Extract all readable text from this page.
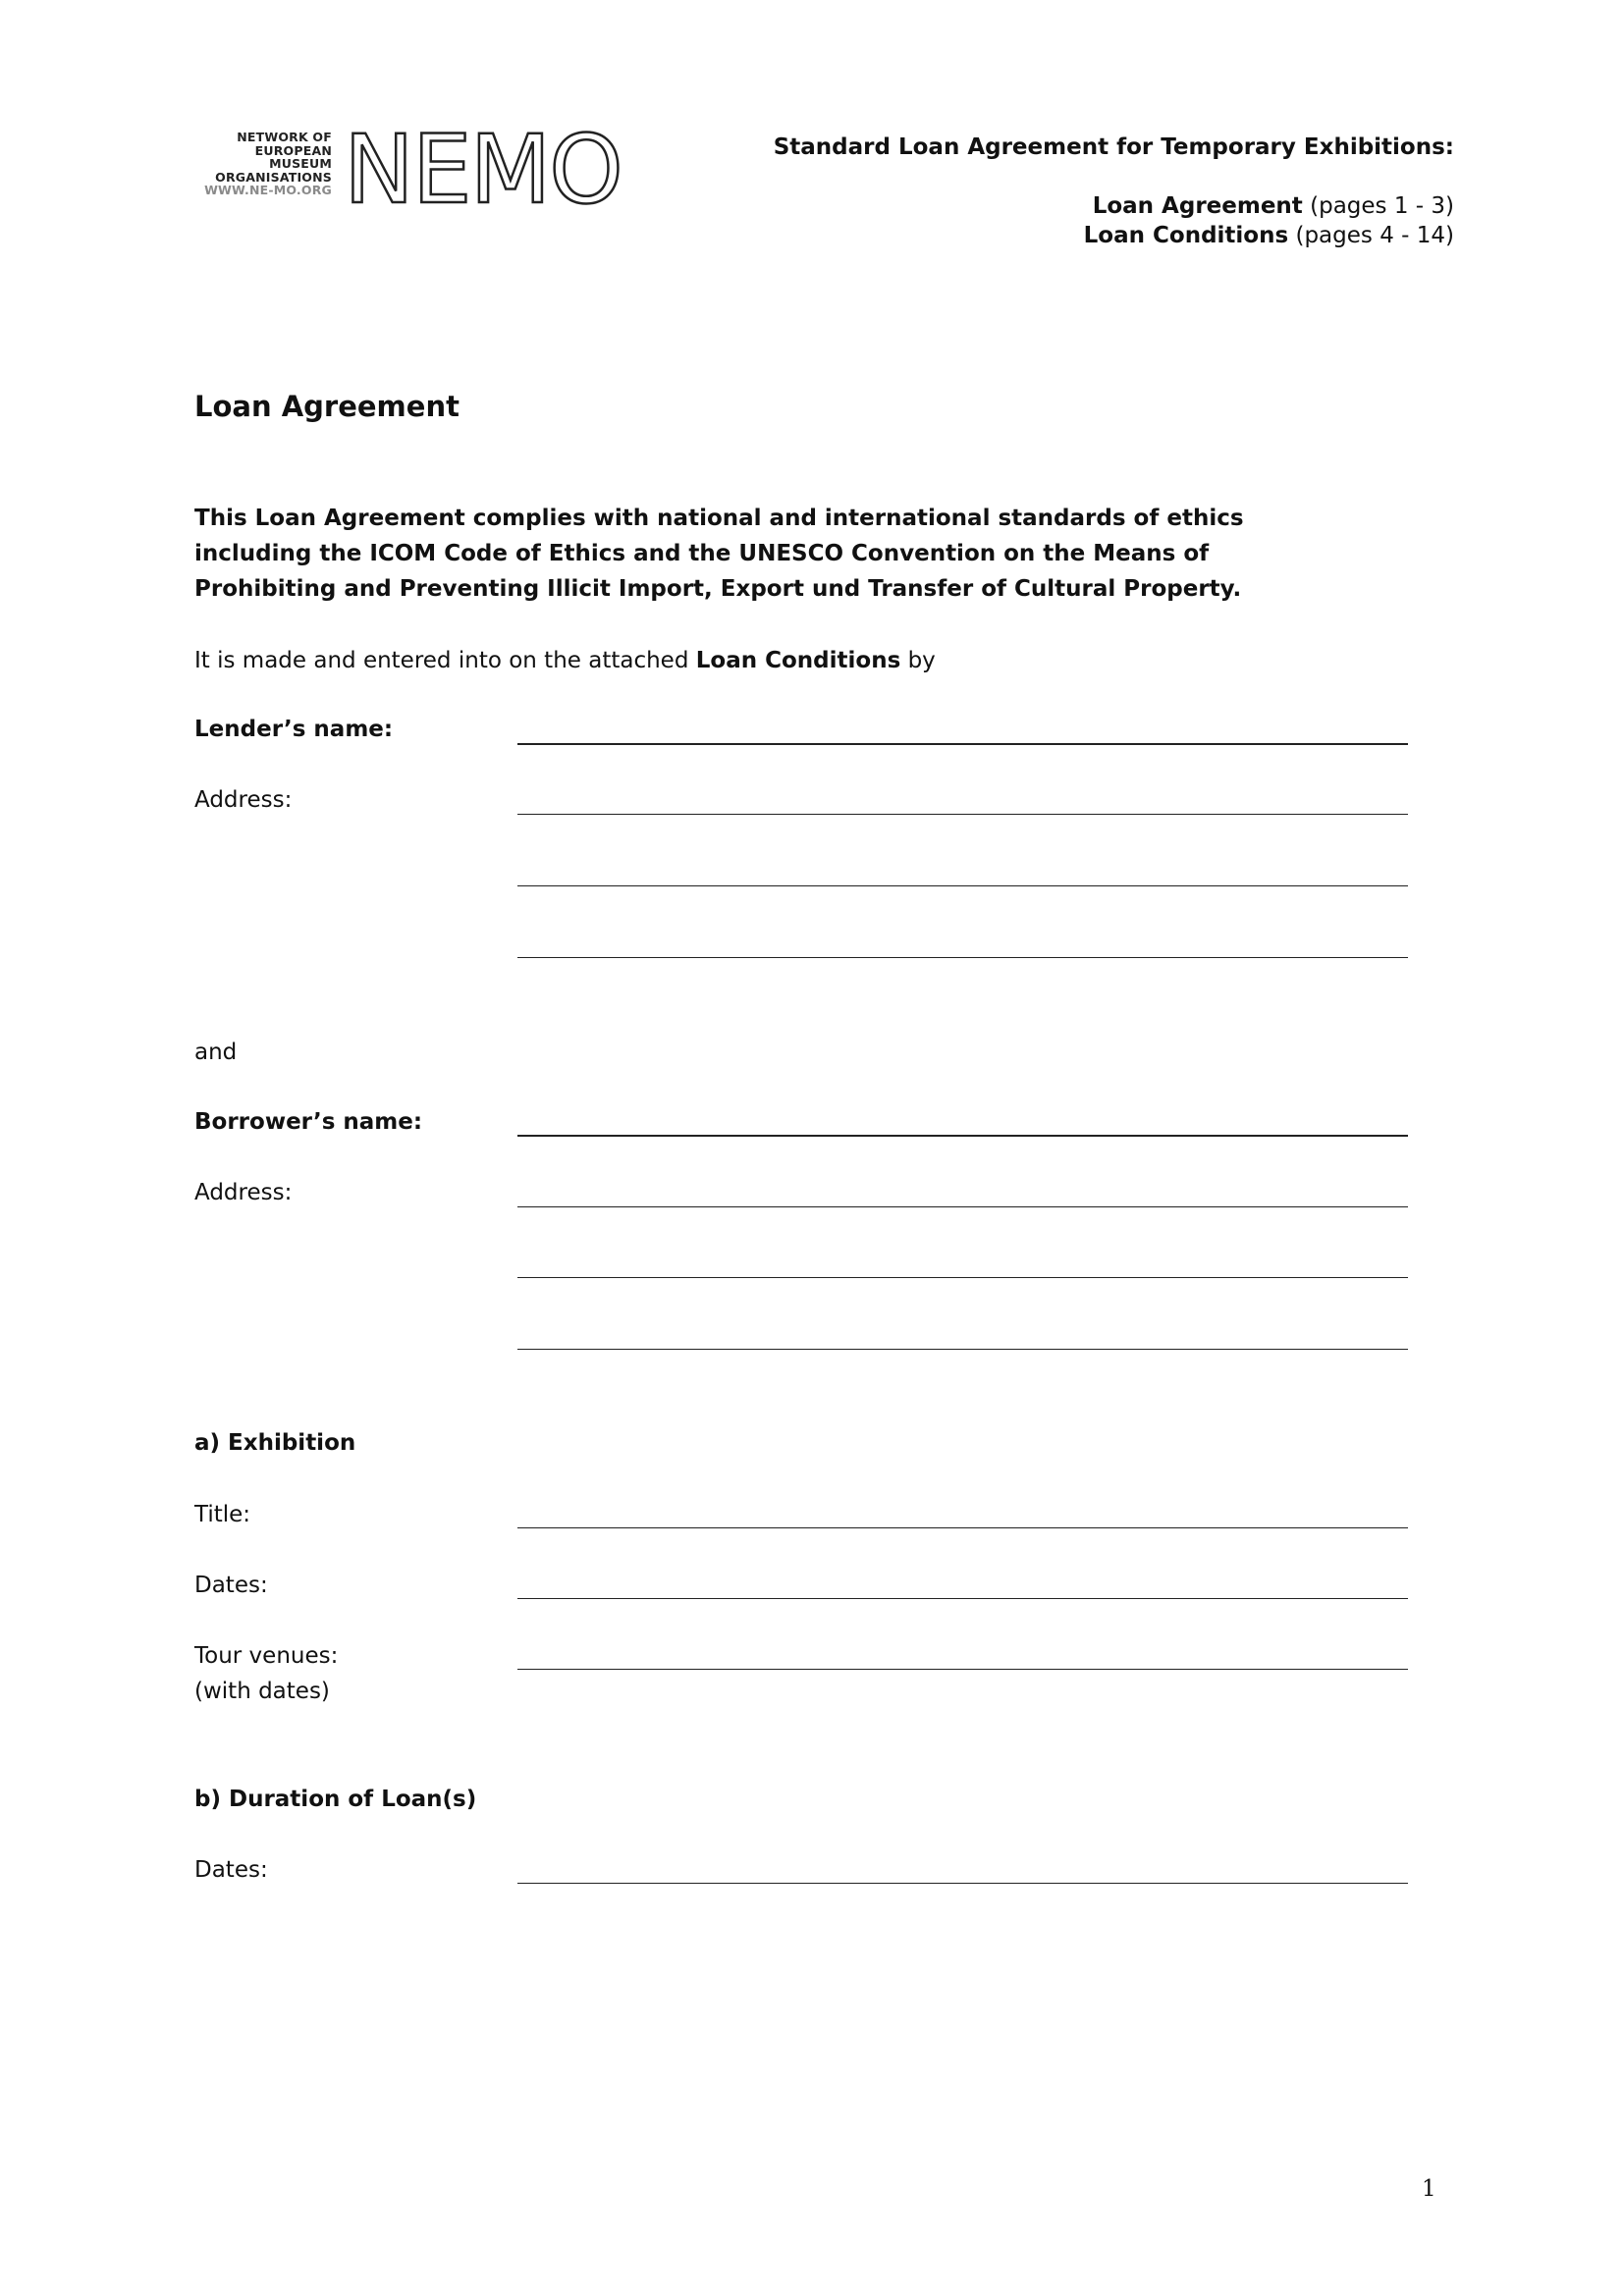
NETWORK OF
EUROPEAN
MUSEUM
ORGANISATIONS
WWW.NE-MO.ORG NEMO	Standard Loan Agreement for Temporary Exhibitions:
Loan Agreement (pages 1 - 3)
Loan Conditions (pages 4 - 14)
Loan Agreement
This Loan Agreement complies with national and international standards of ethics
including the ICOM Code of Ethics and the UNESCO Convention on the Means of
Prohibiting and Preventing Illicit Import, Export und Transfer of Cultural Property.
It is made and entered into on the attached Loan Conditions by
Lender’s name:
Address:
and
Borrower’s name:
Address:
a) Exhibition
Title:
Dates:
Tour venues:
(with dates)
b) Duration of Loan(s)
Dates:
1
